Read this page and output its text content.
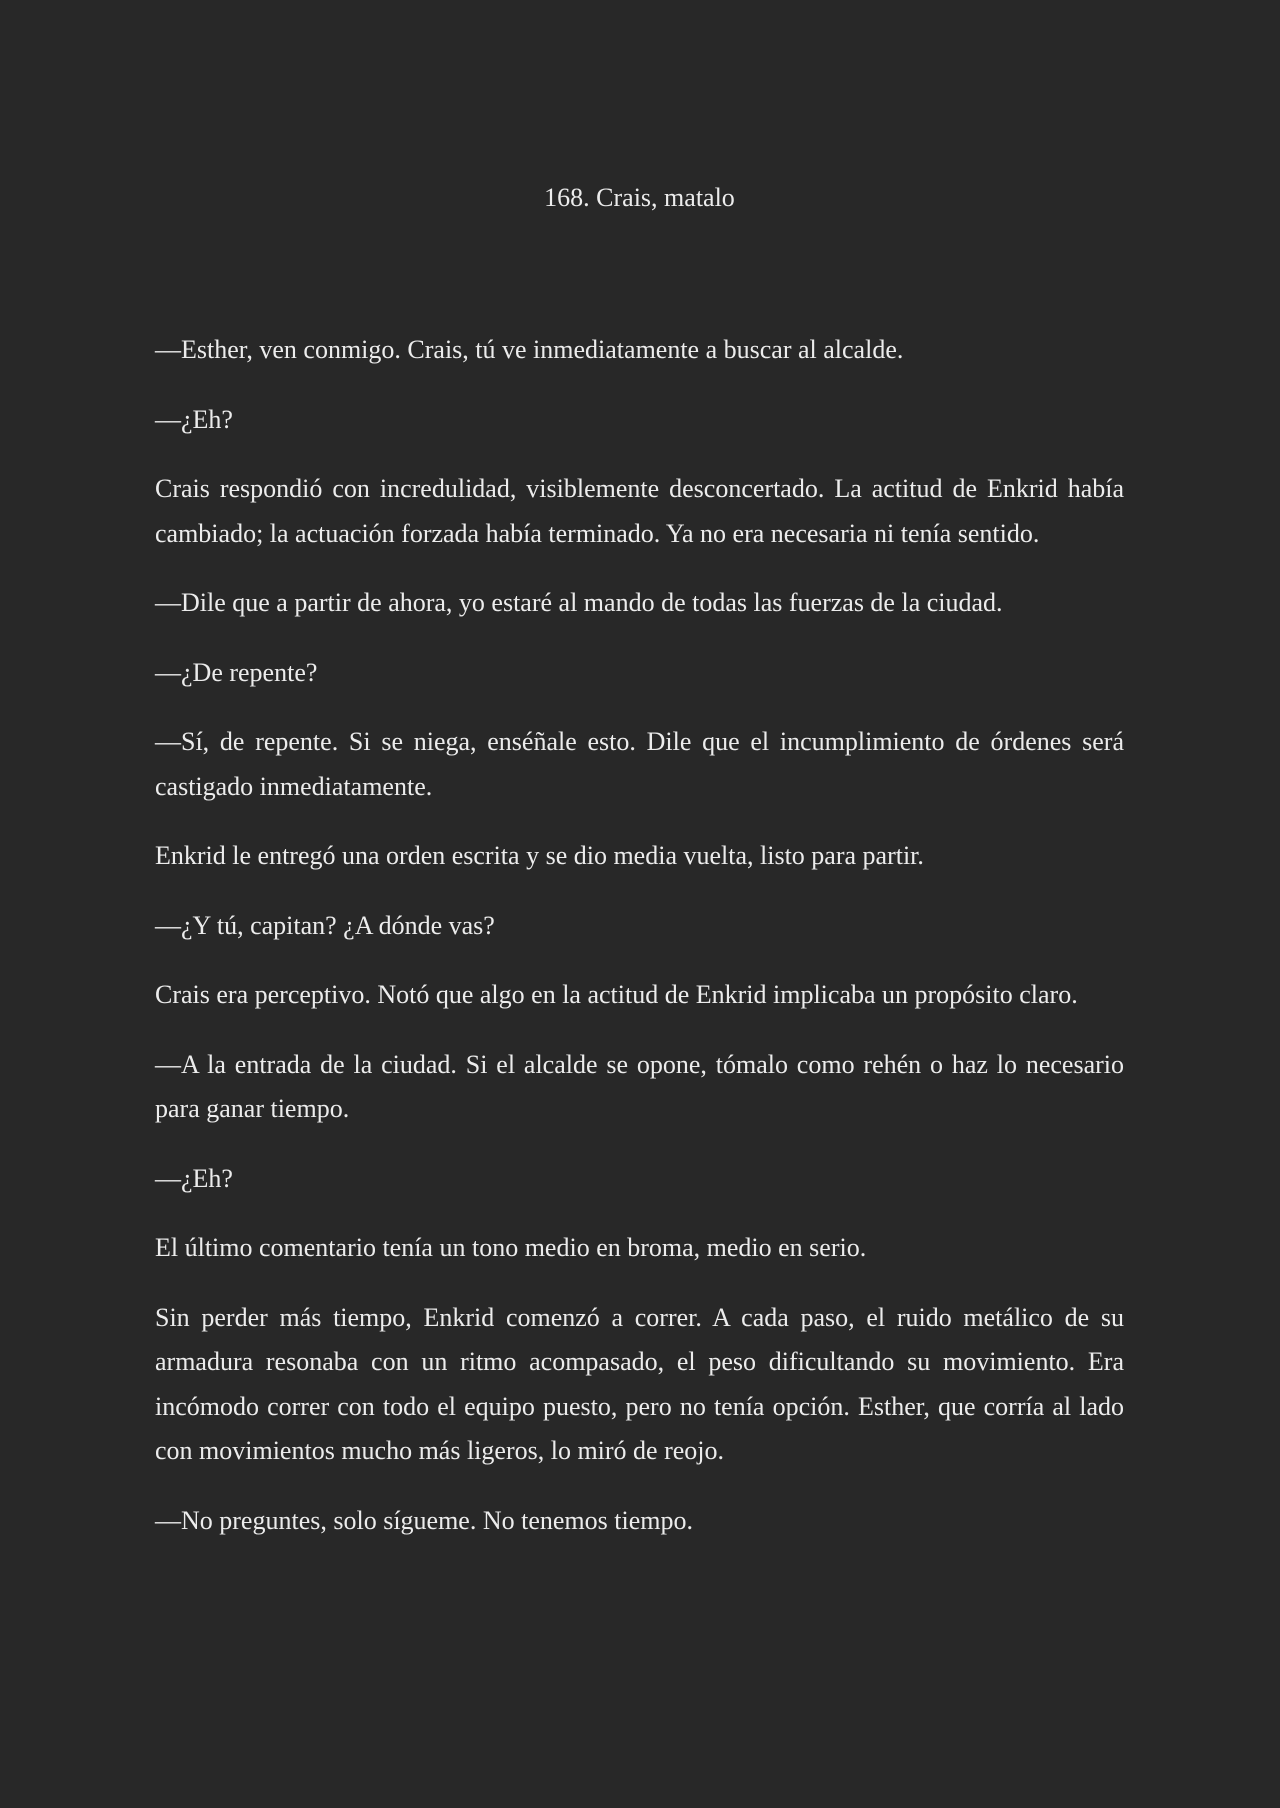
168. Crais, matalo

—Esther, ven conmigo. Crais, tú ve inmediatamente a buscar al alcalde.

—¿Eh?

Crais respondió con incredulidad, visiblemente desconcertado. La actitud de Enkrid había cambiado; la actuación forzada había terminado. Ya no era necesaria ni tenía sentido.

—Dile que a partir de ahora, yo estaré al mando de todas las fuerzas de la ciudad.

—¿De repente?

—Sí, de repente. Si se niega, enséñale esto. Dile que el incumplimiento de órdenes será castigado inmediatamente.

Enkrid le entregó una orden escrita y se dio media vuelta, listo para partir.

—¿Y tú, capitan? ¿A dónde vas?

Crais era perceptivo. Notó que algo en la actitud de Enkrid implicaba un propósito claro.

—A la entrada de la ciudad. Si el alcalde se opone, tómalo como rehén o haz lo necesario para ganar tiempo.

—¿Eh?

El último comentario tenía un tono medio en broma, medio en serio.

Sin perder más tiempo, Enkrid comenzó a correr. A cada paso, el ruido metálico de su armadura resonaba con un ritmo acompasado, el peso dificultando su movimiento. Era incómodo correr con todo el equipo puesto, pero no tenía opción. Esther, que corría al lado con movimientos mucho más ligeros, lo miró de reojo.

—No preguntes, solo sígueme. No tenemos tiempo.
